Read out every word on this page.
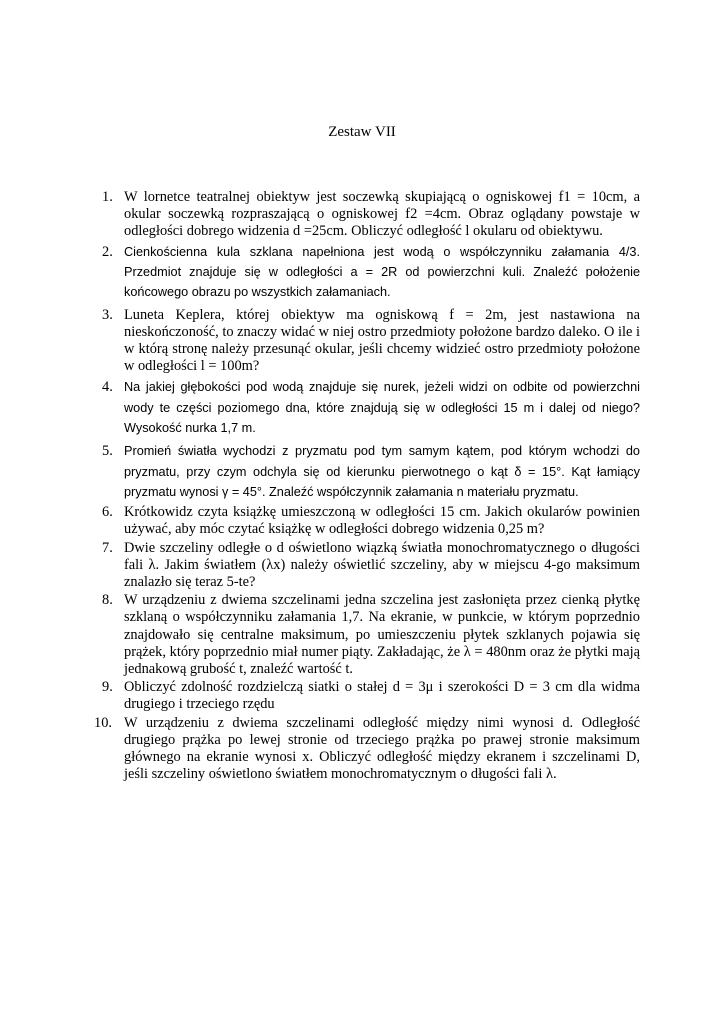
Zestaw VII
1. W lornetce teatralnej obiektyw jest soczewką skupiającą o ogniskowej f1 = 10cm, a okular soczewką rozpraszającą o ogniskowej f2 =4cm. Obraz oglądany powstaje w odległości dobrego widzenia d =25cm. Obliczyć odległość l okularu od obiektywu.
2. Cienkościenna kula szklana napełniona jest wodą o współczynniku załamania 4/3. Przedmiot znajduje się w odległości a = 2R od powierzchni kuli. Znaleźć położenie końcowego obrazu po wszystkich załamaniach.
3. Luneta Keplera, której obiektyw ma ogniskową f = 2m, jest nastawiona na nieskończoność, to znaczy widać w niej ostro przedmioty położone bardzo daleko. O ile i w którą stronę należy przesunąć okular, jeśli chcemy widzieć ostro przedmioty położone w odległości l = 100m?
4. Na jakiej głębokości pod wodą znajduje się nurek, jeżeli widzi on odbite od powierzchni wody te części poziomego dna, które znajdują się w odległości 15 m i dalej od niego? Wysokość nurka 1,7 m.
5. Promień światła wychodzi z pryzmatu pod tym samym kątem, pod którym wchodzi do pryzmatu, przy czym odchyla się od kierunku pierwotnego o kąt δ = 15°. Kąt łamiący pryzmatu wynosi γ = 45°. Znaleźć współczynnik załamania n materiału pryzmatu.
6. Krótkowidz czyta książkę umieszczoną w odległości 15 cm. Jakich okularów powinien używać, aby móc czytać książkę w odległości dobrego widzenia 0,25 m?
7. Dwie szczeliny odległe o d oświetlono wiązką światła monochromatycznego o długości fali λ. Jakim światłem (λx) należy oświetlić szczeliny, aby w miejscu 4-go maksimum znalazło się teraz 5-te?
8. W urządzeniu z dwiema szczelinami jedna szczelina jest zasłonięta przez cienką płytkę szklaną o współczynniku załamania 1,7. Na ekranie, w punkcie, w którym poprzednio znajdowało się centralne maksimum, po umieszczeniu płytek szklanych pojawia się prążek, który poprzednio miał numer piąty. Zakładając, że λ = 480nm oraz że płytki mają jednakową grubość t, znaleźć wartość t.
9. Obliczyć zdolność rozdzielczą siatki o stałej d = 3μ i szerokości D = 3 cm dla widma drugiego i trzeciego rzędu
10. W urządzeniu z dwiema szczelinami odległość między nimi wynosi d. Odległość drugiego prążka po lewej stronie od trzeciego prążka po prawej stronie maksimum głównego na ekranie wynosi x. Obliczyć odległość między ekranem i szczelinami D, jeśli szczeliny oświetlono światłem monochromatycznym o długości fali λ.
